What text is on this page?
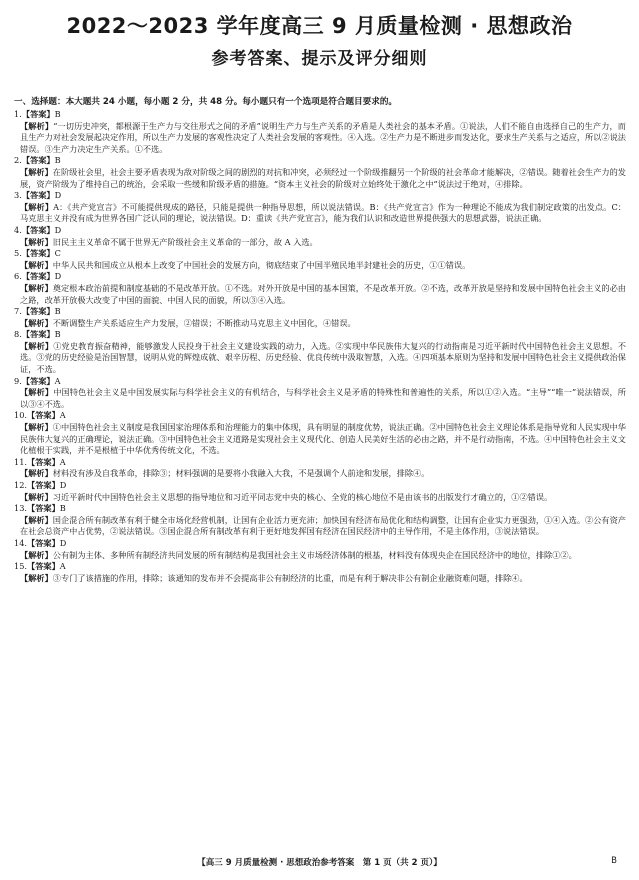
2022～2023 学年度高三 9 月质量检测 · 思想政治
参考答案、提示及评分细则
一、选择题：本大题共 24 小题，每小题 2 分，共 48 分。每小题只有一个选项是符合题目要求的。
1.【答案】B
【解析】“一切历史冲突，都根源于生产力与交往形式之间的矛盾”说明生产力与生产关系的矛盾是人类社会的基本矛盾。①说法，人们不能自由选择自己的生产力，而且生产力对社会发展起决定作用，所以生产力发展的客观性决定了人类社会发展的客观性。④入选。②生产力是不断进步而发达化，要求生产关系与之适应，所以②说法错误。③生产力决定生产关系。①不选。
2.【答案】B
【解析】在阶级社会里，社会主要矛盾表现为敌对阶级之间的剧烈的对抗和冲突，必须经过一个阶级推翻另一个阶级的社会革命才能解决，②错误。随着社会生产力的发展，资产阶级为了维持自己的统治，会采取一些缓和阶级矛盾的措施。“资本主义社会的阶级对立始终处于激化之中”说法过于绝对，④排除。
3.【答案】D
【解析】A：《共产党宣言》不可能提供现成的路径，只能是提供一种指导思想，所以说法错误。B：《共产党宣言》作为一种理论不能成为我们制定政策的出发点。C：马克思主义并没有成为世界各国广泛认同的理论，说法错误。D：重读《共产党宣言》，能为我们认识和改造世界提供强大的思想武器，说法正确。
4.【答案】D
【解析】旧民主主义革命不属于世界无产阶级社会主义革命的一部分，故 A 入选。
5.【答案】C
【解析】中华人民共和国成立从根本上改变了中国社会的发展方向，彻底结束了中国半殖民地半封建社会的历史，①①错误。
6.【答案】D
【解析】奠定根本政治前提和制度基础的不是改革开放。①不选。对外开放是中国的基本国策，不是改革开放。②不选，改革开放是坚持和发展中国特色社会主义的必由之路，改革开放极大改变了中国的面貌、中国人民的面貌，所以③④入选。
7.【答案】B
【解析】不断调整生产关系适应生产力发展，②错误；不断推动马克思主义中国化，④错误。
8.【答案】B
【解析】①党史教育振奋精神，能够激发人民投身于社会主义建设实践的动力，入选。②实现中华民族伟大复兴的行动指南是习近平新时代中国特色社会主义思想。不选。③党的历史经验是治国智慧，说明从党的辉煌成就、艰辛历程、历史经验、优良传统中汲取智慧，入选。④四项基本原则为坚持和发展中国特色社会主义提供政治保证，不选。
9.【答案】A
【解析】中国特色社会主义是中国发展实际与科学社会主义的有机结合，与科学社会主义是矛盾的特殊性和普遍性的关系，所以①②入选。“主导”“唯一”说法错误，所以③④不选。
10.【答案】A
【解析】①中国特色社会主义制度是我国国家治理体系和治理能力的集中体现，具有明显的制度优势，说法正确。②中国特色社会主义理论体系是指导党和人民实现中华民族伟大复兴的正确理论，说法正确。③中国特色社会主义道路是实现社会主义现代化、创造人民美好生活的必由之路，并不是行动指南，不选。④中国特色社会主义文化植根于实践，并不是根植于中华优秀传统文化，不选。
11.【答案】A
【解析】材料没有涉及自我革命，排除③；材料强调的是要将小我融入大我，不是强调个人前途和发展，排除④。
12.【答案】D
【解析】习近平新时代中国特色社会主义思想的指导地位和习近平同志党中央的核心、全党的核心地位不是由该书的出版发行才确立的，①②错误。
13.【答案】B
【解析】国企混合所有制改革有利于健全市场化经营机制，让国有企业活力更充沛；加快国有经济布局优化和结构调整，让国有企业实力更强劲，①④入选。②公有资产在社会总资产中占优势，②说法错误。③国企混合所有制改革有利于更好地发挥国有经济在国民经济中的主导作用，不是主体作用，③说法错误。
14.【答案】D
【解析】公有制为主体、多种所有制经济共同发展的所有制结构是我国社会主义市场经济体制的根基，材料没有体现央企在国民经济中的地位，排除①②。
15.【答案】A
【解析】③专门了该措施的作用，排除；该通知的发布并不会提高非公有制经济的比重，而是有利于解决非公有制企业融资难问题，排除④。
【高三 9 月质量检测 · 思想政治参考答案　第 1 页（共 2 页）】	B
